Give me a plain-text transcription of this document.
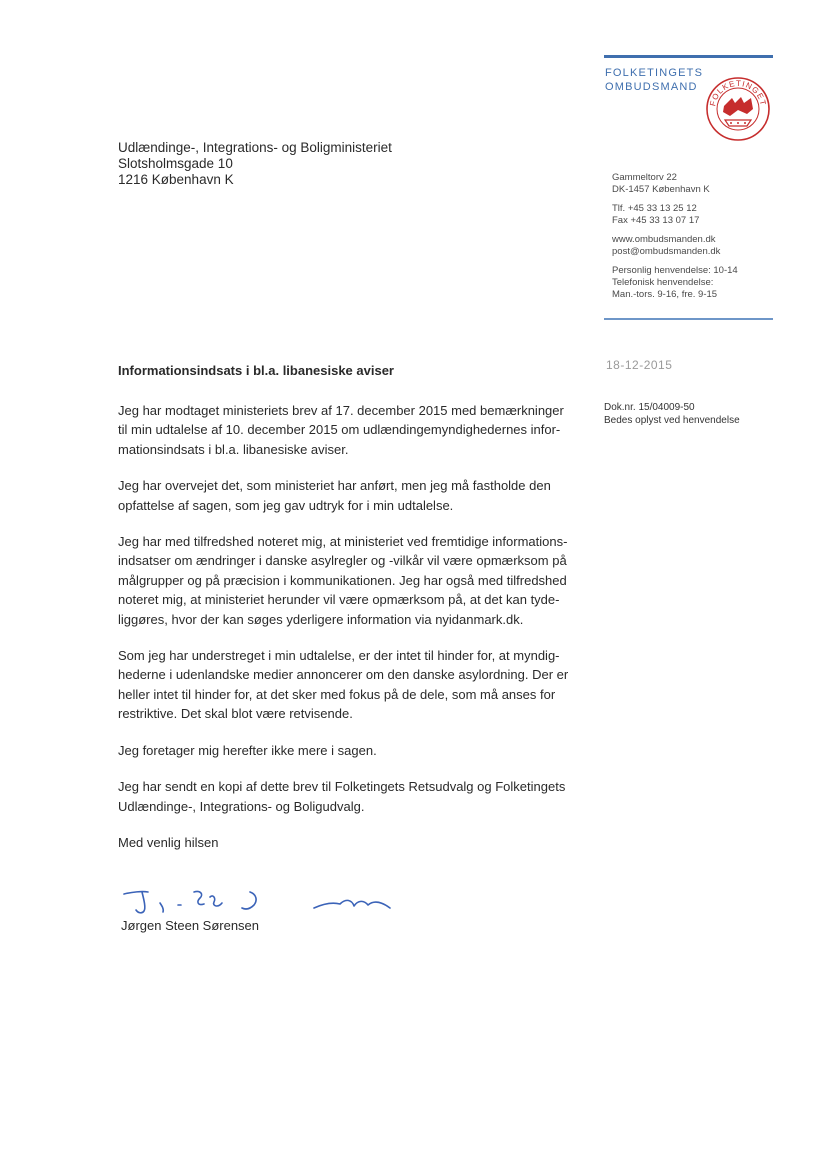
FOLKETINGETS
OMBUDSMAND
FOLKETINGET
Udlændinge-, Integrations- og Boligministeriet
Slotsholmsgade 10
1216 København K	Gammeltorv 22
DK-1457 København K
Tlf. +45 33 13 25 12
Fax +45 33 13 07 17
www.ombudsmanden.dk
post@ombudsmanden.dk
Personlig henvendelse: 10-14
Telefonisk henvendelse:
Man.-tors. 9-16, fre. 9-15
18-12-2015
Dok.nr. 15/04009-50
Bedes oplyst ved henvendelse
Informationsindsats i bl.a. libanesiske aviser

Jeg har modtaget ministeriets brev af 17. december 2015 med bemærkninger
til min udtalelse af 10. december 2015 om udlændingemyndighedernes infor-
mationsindsats i bl.a. libanesiske aviser.

Jeg har overvejet det, som ministeriet har anført, men jeg må fastholde den
opfattelse af sagen, som jeg gav udtryk for i min udtalelse.

Jeg har med tilfredshed noteret mig, at ministeriet ved fremtidige informations-
indsatser om ændringer i danske asylregler og -vilkår vil være opmærksom på
målgrupper og på præcision i kommunikationen. Jeg har også med tilfredshed
noteret mig, at ministeriet herunder vil være opmærksom på, at det kan tyde-
liggøres, hvor der kan søges yderligere information via nyidanmark.dk.

Som jeg har understreget i min udtalelse, er der intet til hinder for, at myndig-
hederne i udenlandske medier annoncerer om den danske asylordning. Der er
heller intet til hinder for, at det sker med fokus på de dele, som må anses for
restriktive. Det skal blot være retvisende.

Jeg foretager mig herefter ikke mere i sagen.

Jeg har sendt en kopi af dette brev til Folketingets Retsudvalg og Folketingets
Udlændinge-, Integrations- og Boligudvalg.

Med venlig hilsen

Jørgen Steen Sørensen
